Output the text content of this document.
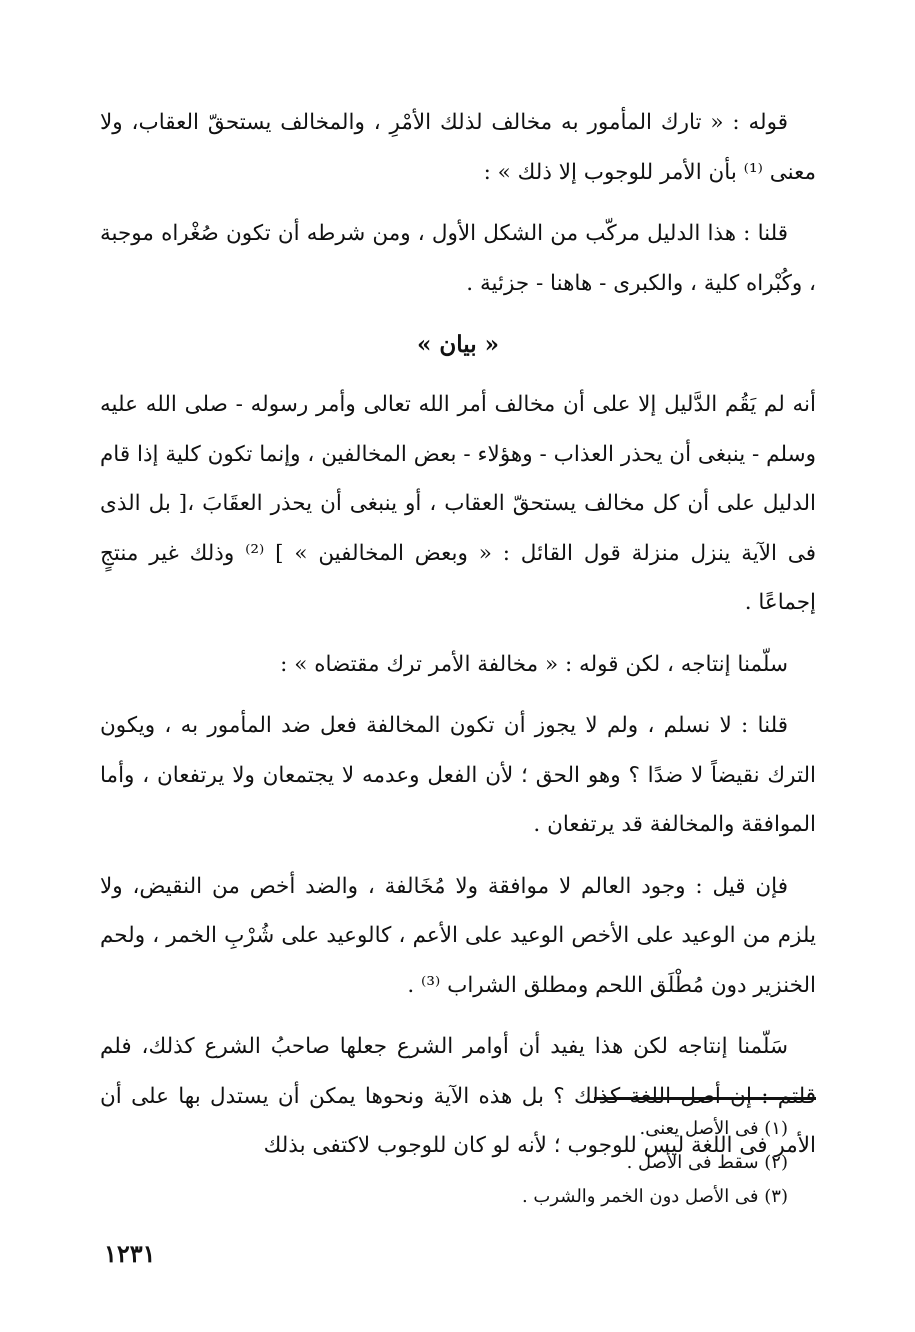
قوله : « تارك المأمور به مخالف لذلك الأمْرِ ، والمخالف يستحقّ العقاب، ولا معنى ⁽¹⁾ بأن الأمر للوجوب إلا ذلك » :

قلنا : هذا الدليل مركّب من الشكل الأول ، ومن شرطه أن تكون صُغْراه موجبة ، وكُبْراه كلية ، والكبرى - هاهنا - جزئية .

« بيان »

أنه لم يَقُم الدَّليل إلا على أن مخالف أمر الله تعالى وأمر رسوله - صلى الله عليه وسلم - ينبغى أن يحذر العذاب - وهؤلاء - بعض المخالفين ، وإنما تكون كلية إذا قام الدليل على أن كل مخالف يستحقّ العقاب ، أو ينبغى أن يحذر العقَابَ ،[ بل الذى فى الآية ينزل منزلة قول القائل : « وبعض المخالفين » ] ⁽²⁾ وذلك غير منتجٍ إجماعًا .

سلّمنا إنتاجه ، لكن قوله : « مخالفة الأمر ترك مقتضاه » :

قلنا : لا نسلم ، ولم لا يجوز أن تكون المخالفة فعل ضد المأمور به ، ويكون الترك نقيضاً لا ضدًا ؟ وهو الحق ؛ لأن الفعل وعدمه لا يجتمعان ولا يرتفعان ، وأما الموافقة والمخالفة قد يرتفعان .

فإن قيل : وجود العالم لا موافقة ولا مُخَالفة ، والضد أخص من النقيض، ولا يلزم من الوعيد على الأخص الوعيد على الأعم ، كالوعيد على شُرْبِ الخمر ، ولحم الخنزير دون مُطْلَق اللحم ومطلق الشراب ⁽³⁾ .

سَلّمنا إنتاجه لكن هذا يفيد أن أوامر الشرع جعلها صاحبُ الشرع كذلك، فلم قلتم : إن أصل اللغة كذلك ؟ بل هذه الآية ونحوها يمكن أن يستدل بها على أن الأمر فى اللغة ليس للوجوب ؛ لأنه لو كان للوجوب لاكتفى بذلك

(١) فى الأصل يعنى.

(٢) سقط فى الأصل .

(٣) فى الأصل دون الخمر والشرب .

١٢٣١
